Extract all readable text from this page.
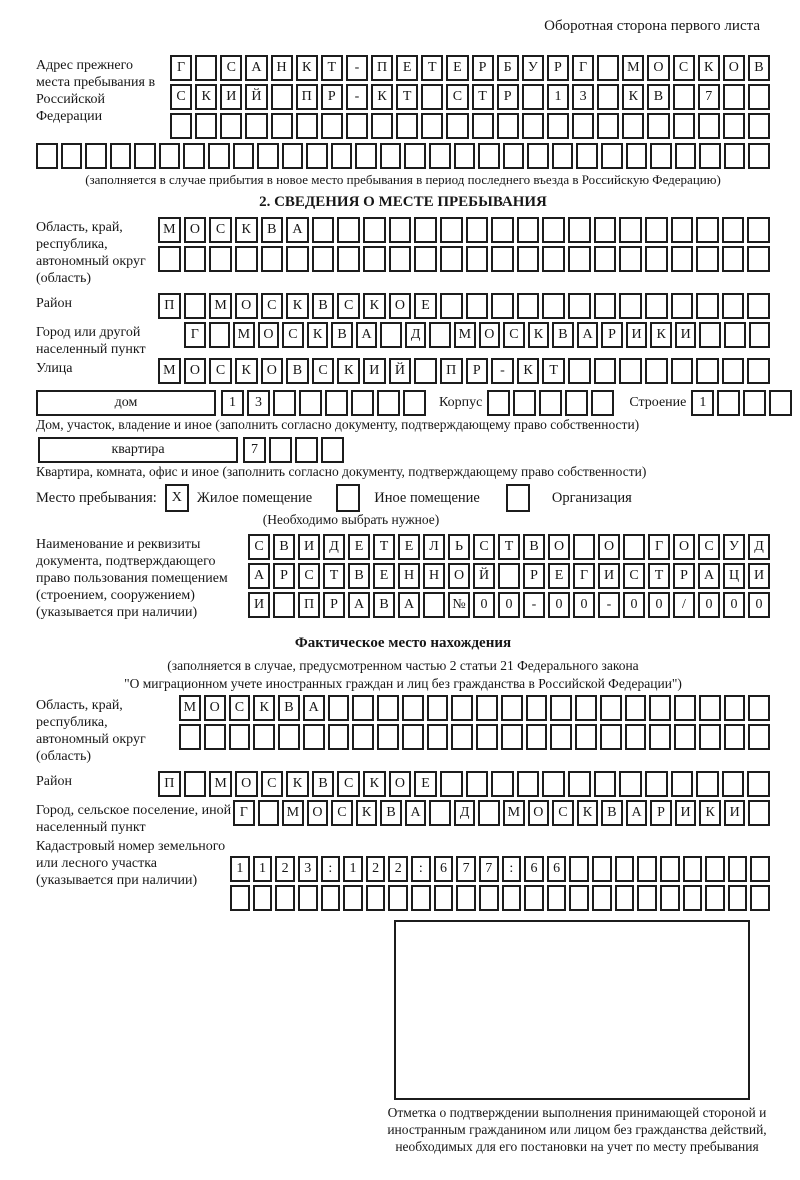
Оборотная сторона первого листа
Адрес прежнего места пребывания в Российской Федерации
Г	С	А	Н	К	Т	-	П	Е	Т	Е	Р	Б	У	Р	Г	М О	С	К	О	В
С	К	И	Й	П	Р	-	К	Т	С	Т	Р	1	3	К	В	7
(заполняется в случае прибытия в новое место пребывания в период последнего въезда в Российскую Федерацию)
2. СВЕДЕНИЯ О МЕСТЕ ПРЕБЫВАНИЯ
Область, край, республика, автономный округ (область)
М	О	С	К	В	А
Район	П	М	О	С	К	В	С	К	О	Е
Город или другой населенный пункт
Г	М О	С	К	В	А	Д	М О	С	К	В	А	Р	И	К	И
Улица	М	О	С	К	О	В	С	К	И	Й	П	Р	-	К	Т
дом	1	3	Корпус	Строение 1
Дом, участок, владение и иное (заполнить согласно документу, подтверждающему право собственности)
квартира	7
Квартира, комната, офис и иное (заполнить согласно документу, подтверждающему право собственности)
Место пребывания:	X	Жилое помещение	Иное помещение	Организация
(Необходимо выбрать нужное)
Наименование и реквизиты документа, подтверждающего право пользования помещением (строением, сооружением) (указывается при наличии)
С	В	И	Д	Е	Т	Е	Л	Ь	С	Т	В	О	О	Г	О	С	У	Д
А	Р	С	Т	В	Е	Н	Н	О	Й	Р	Е	Г	И	С	Т	Р	А	Ц	И
И	П	Р	А	В	А	№	0	0	-	0	0	-	0	0	/	0	0	0
Фактическое место нахождения
(заполняется в случае, предусмотренном частью 2 статьи 21 Федерального закона
"О миграционном учете иностранных граждан и лиц без гражданства в Российской Федерации")
Область, край, республика, автономный округ (область)
М О	С	К	В	А
Район	П	М	О	С	К	В	С	К	О	Е
Город, сельское поселение, иной населенный пункт
Г	М О	С	К	В	А	Д	М О	С	К	В	А	Р	И	К	И
Кадастровый номер земельного или лесного участка (указывается при наличии)
1	1	2	3	:	1	2	2	:	6	7	7	:	6	6
Отметка о подтверждении выполнения принимающей стороной и иностранным гражданином или лицом без гражданства действий, необходимых для его постановки на учет по месту пребывания
